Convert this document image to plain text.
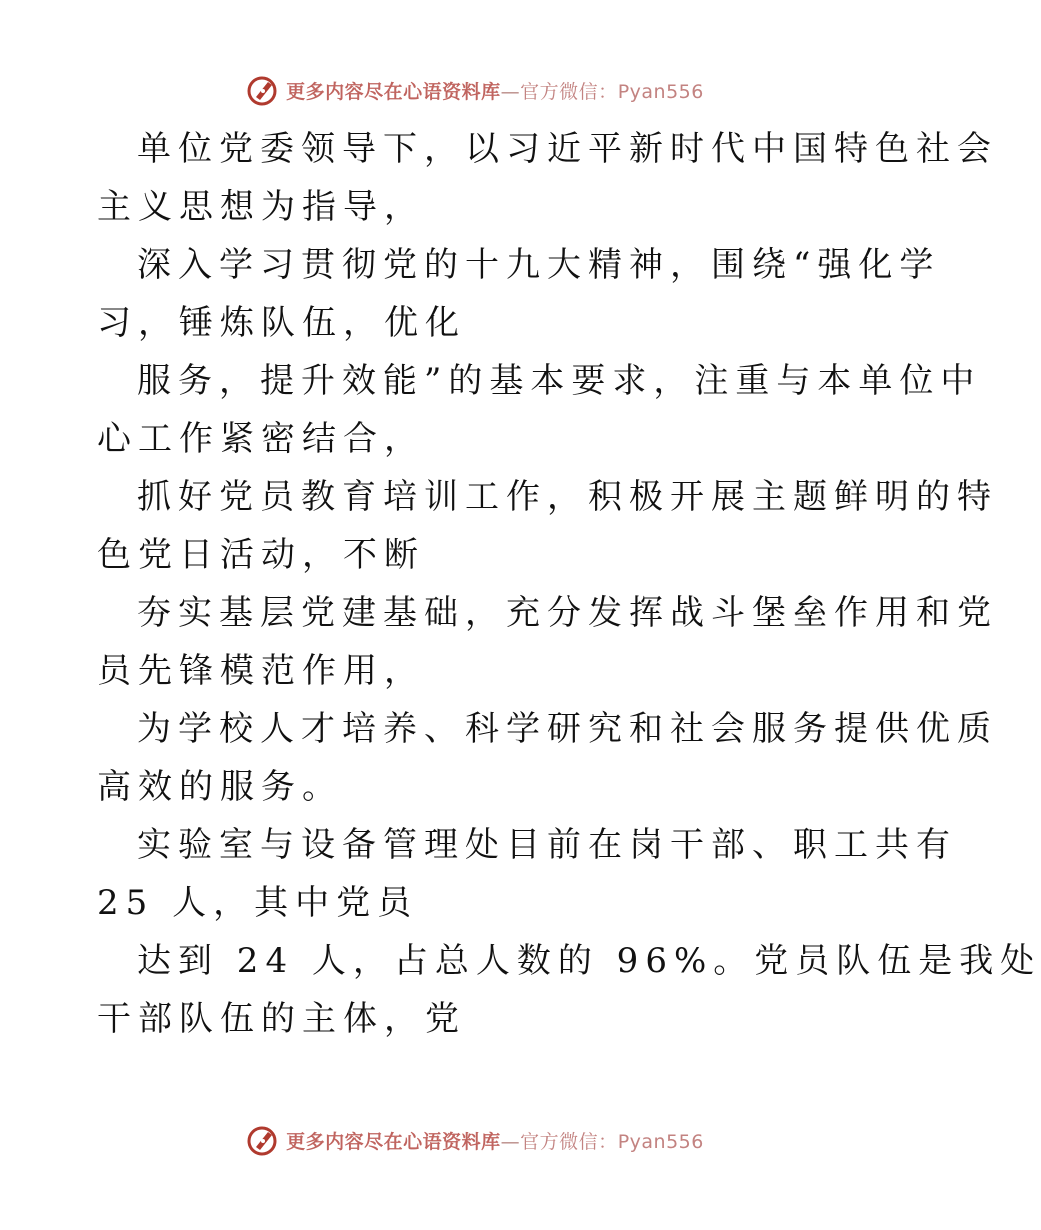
更多内容尽在心语资料库—官方微信：Pyan556

单位党委领导下，以习近平新时代中国特色社会
主义思想为指导，

深入学习贯彻党的十九大精神，围绕“强化学
习，锤炼队伍，优化

服务，提升效能”的基本要求，注重与本单位中
心工作紧密结合，

抓好党员教育培训工作，积极开展主题鲜明的特
色党日活动，不断

夯实基层党建基础，充分发挥战斗堡垒作用和党
员先锋模范作用，

为学校人才培养、科学研究和社会服务提供优质
高效的服务。

实验室与设备管理处目前在岗干部、职工共有
25 人，其中党员

达到 24 人，占总人数的 96%。党员队伍是我处
干部队伍的主体，党

更多内容尽在心语资料库—官方微信：Pyan556
